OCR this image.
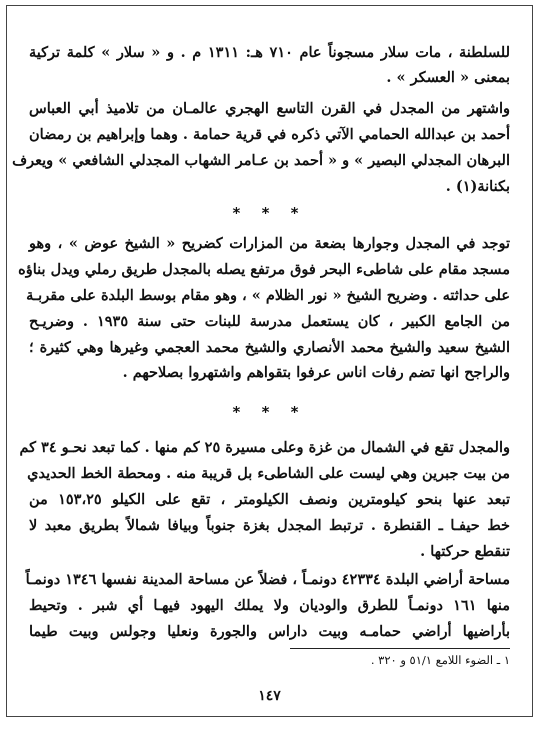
للسلطنة ، مات سلار مسجوناً عام ٧١٠ هـ: ١٣١١ م . و « سلار » كلمة تركية
بمعنى « العسكر » .
واشتهر من المجدل في القرن التاسع الهجري عالمـان من تلاميذ أبي العباس
أحمد بن عبدالله الحمامي الآتي ذكره في قرية حمامة . وهما وإبراهيم بن رمضان
البرهان المجدلي البصير » و « أحمد بن عـامر الشهاب المجدلي الشافعي » ويعرف
بكنانة(١) .
* * *
توجد في المجدل وجوارها بضعة من المزارات كضريح « الشيخ عوض » ، وهو
مسجد مقام على شاطىء البحر فوق مرتفع يصله بالمجدل طريق رملي ويدل بناؤه
على حداثته . وضريح الشيخ « نور الظلام » ، وهو مقام بوسط البلدة على مقربـة
من الجامع الكبير ، كان يستعمل مدرسة للبنات حتى سنة ١٩٣٥ . وضريـح
الشيخ سعيد والشيخ محمد الأنصاري والشيخ محمد العجمي وغيرها وهي كثيرة ؛
والراجح انها تضم رفات اناس عرفوا بتقواهم واشتهروا بصلاحهم .
* * *
والمجدل تقع في الشمال من غزة وعلى مسيرة ٢٥ كم منها . كما تبعد نحـو ٣٤ كم
من بيت جبرين وهي ليست على الشاطىء بل قريبة منه . ومحطة الخط الحديدي
تبعد عنها بنحو كيلومترين ونصف الكيلومتر ، تقع على الكيلو ١٥٣،٢٥ من
خط حيفـا ـ القنطرة . ترتبط المجدل بغزة جنوباً وبيافا شمالاً بطريق معبد لا
تنقطع حركتها .
مساحة أراضي البلدة ٤٢٣٣٤ دونمـاً ، فضلاً عن مساحة المدينة نفسها ١٣٤٦ دونمـاً
منها ١٦١ دونمـاً للطرق والوديان ولا يملك اليهود فيهـا أي شبر . وتحيط
بأراضيها أراضي حمامـه وبيت داراس والجورة ونعليا وجولس وبيت طيما
١ ـ الضوء اللامع ٥١/١ و ٣٢٠ .
١٤٧
